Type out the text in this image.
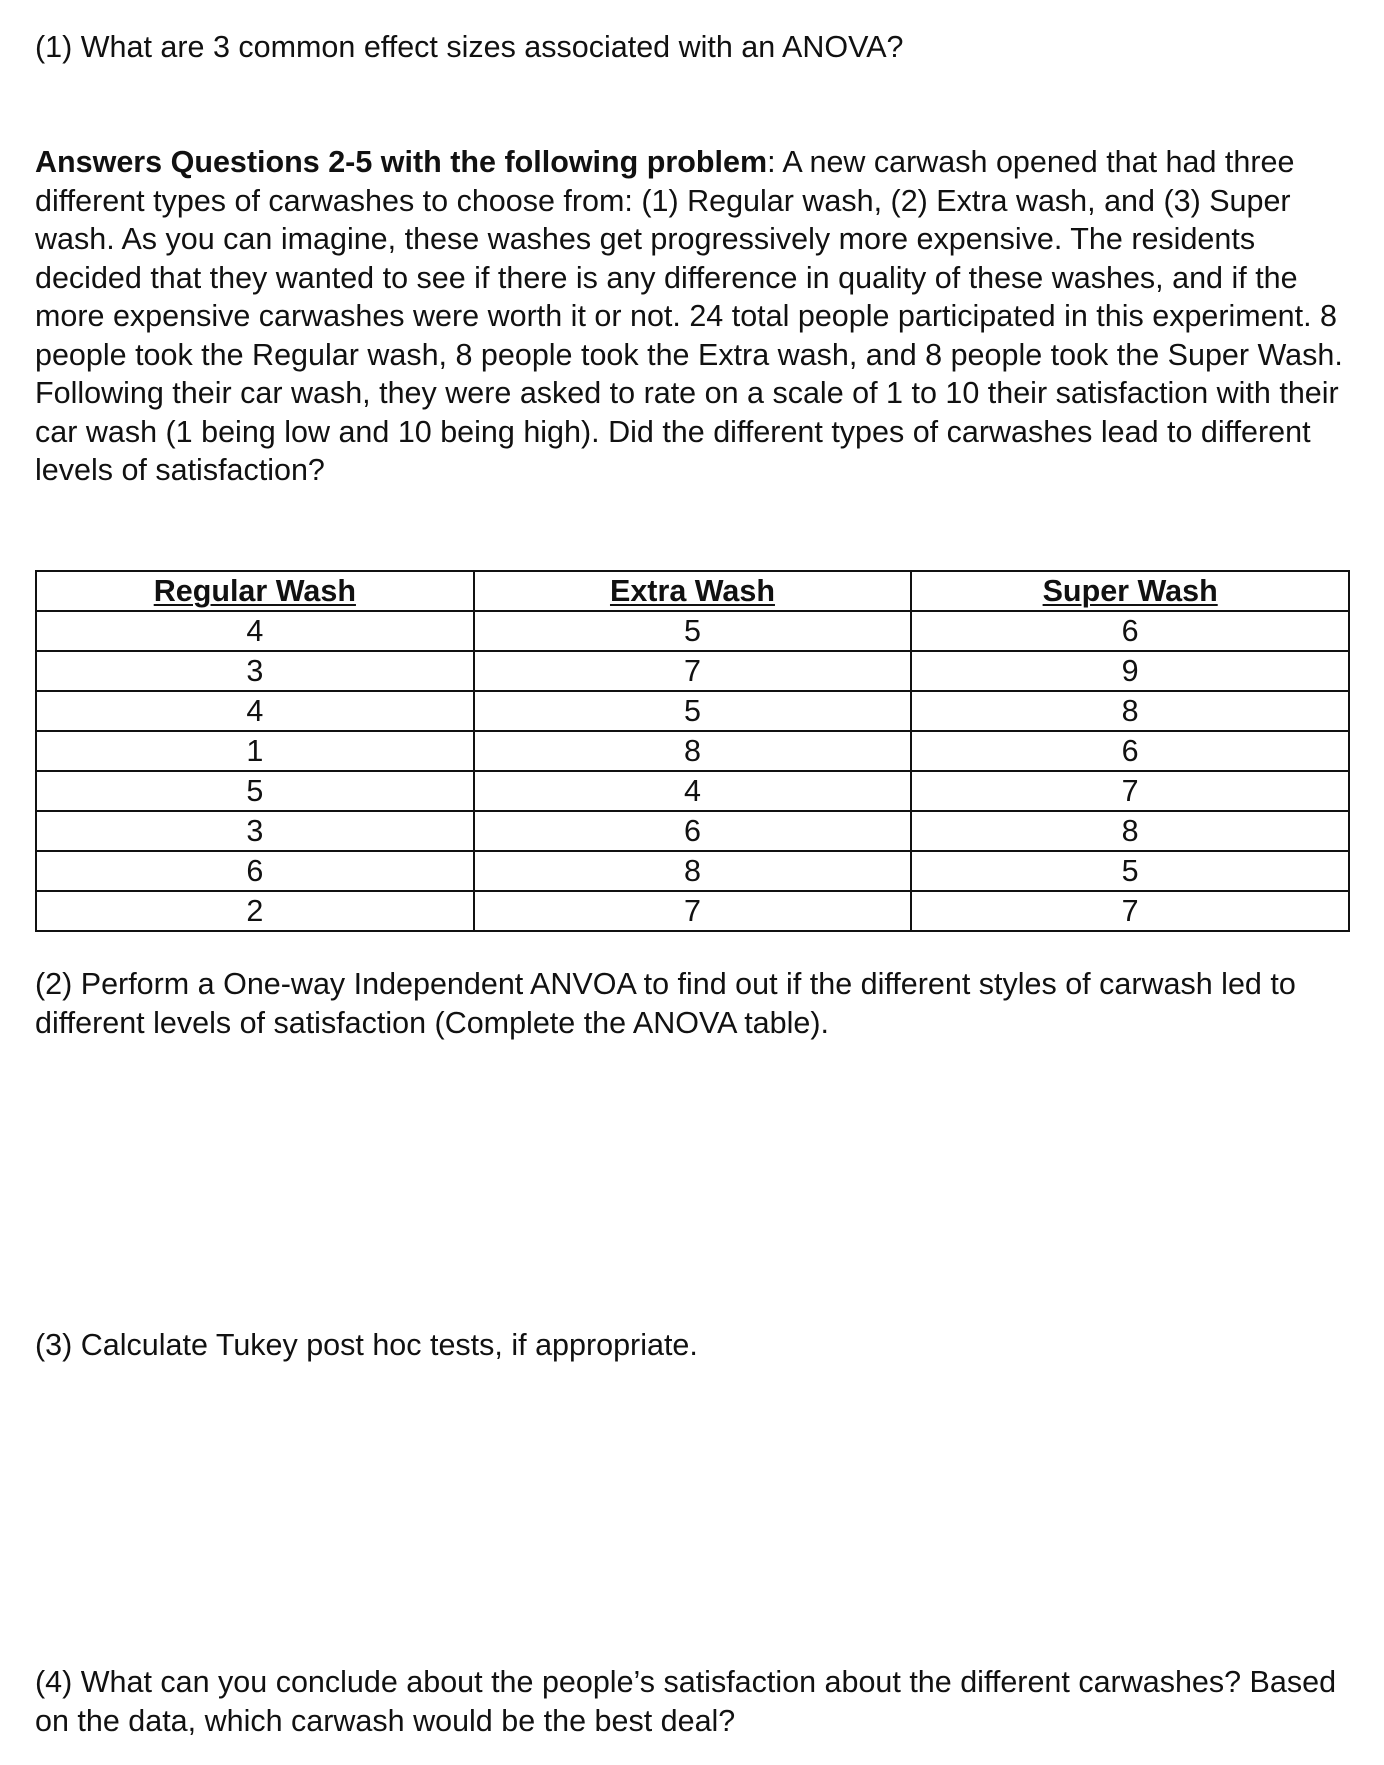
(1) What are 3 common effect sizes associated with an ANOVA?

Answers Questions 2-5 with the following problem: A new carwash opened that had three different types of carwashes to choose from: (1) Regular wash, (2) Extra wash, and (3) Super wash. As you can imagine, these washes get progressively more expensive. The residents decided that they wanted to see if there is any difference in quality of these washes, and if the more expensive carwashes were worth it or not. 24 total people participated in this experiment. 8 people took the Regular wash, 8 people took the Extra wash, and 8 people took the Super Wash. Following their car wash, they were asked to rate on a scale of 1 to 10 their satisfaction with their car wash (1 being low and 10 being high). Did the different types of carwashes lead to different levels of satisfaction?

Regular Wash	Extra Wash	Super Wash
4	5	6
3	7	9
4	5	8
1	8	6
5	4	7
3	6	8
6	8	5
2	7	7

(2) Perform a One-way Independent ANVOA to find out if the different styles of carwash led to different levels of satisfaction (Complete the ANOVA table).

(3) Calculate Tukey post hoc tests, if appropriate.

(4) What can you conclude about the people’s satisfaction about the different carwashes? Based on the data, which carwash would be the best deal?
